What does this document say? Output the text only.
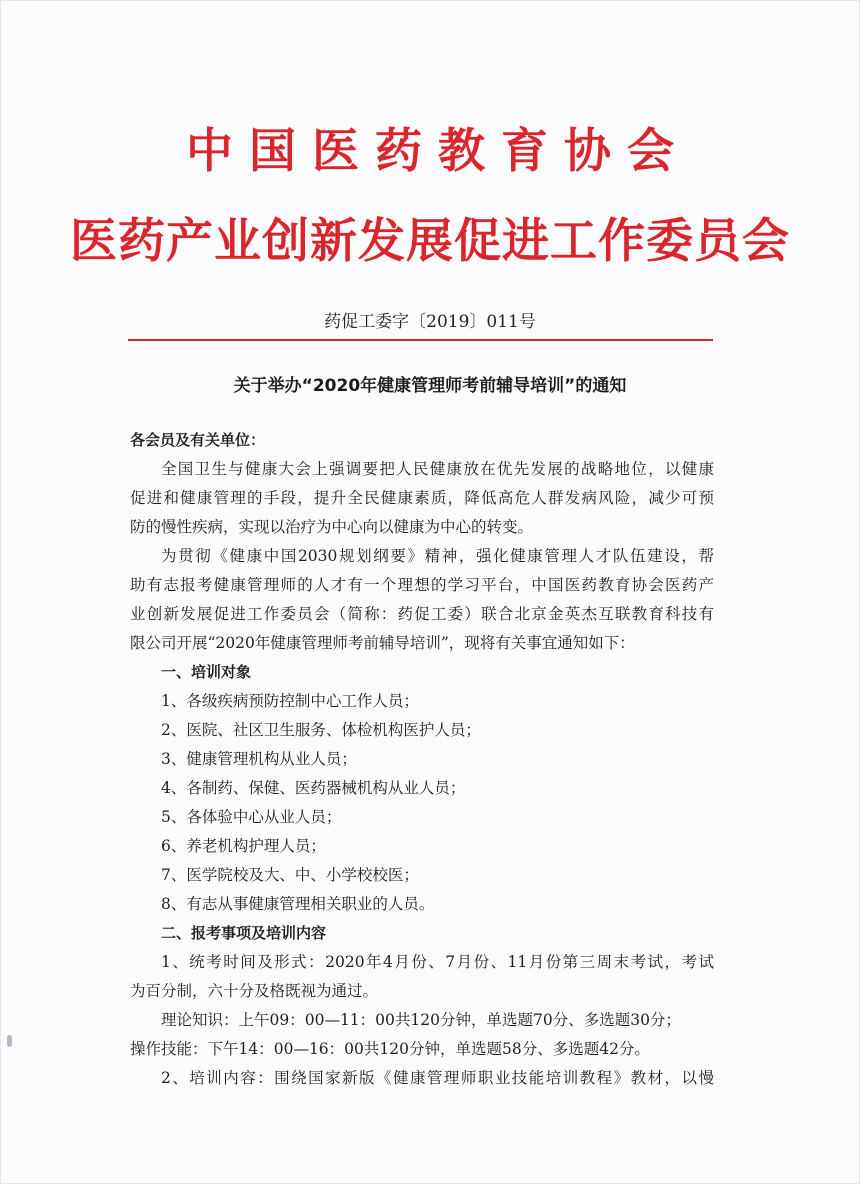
中国医药教育协会
医药产业创新发展促进工作委员会
药促工委字〔2019〕011号
关于举办“2020年健康管理师考前辅导培训”的通知
各会员及有关单位：
全国卫生与健康大会上强调要把人民健康放在优先发展的战略地位，以健康
促进和健康管理的手段，提升全民健康素质，降低高危人群发病风险，减少可预
防的慢性疾病，实现以治疗为中心向以健康为中心的转变。
为贯彻《健康中国2030规划纲要》精神，强化健康管理人才队伍建设，帮
助有志报考健康管理师的人才有一个理想的学习平台，中国医药教育协会医药产
业创新发展促进工作委员会（简称：药促工委）联合北京金英杰互联教育科技有
限公司开展“2020年健康管理师考前辅导培训”，现将有关事宜通知如下：
一、培训对象
1、各级疾病预防控制中心工作人员；
2、医院、社区卫生服务、体检机构医护人员；
3、健康管理机构从业人员；
4、各制药、保健、医药器械机构从业人员；
5、各体验中心从业人员；
6、养老机构护理人员；
7、医学院校及大、中、小学校校医；
8、有志从事健康管理相关职业的人员。
二、报考事项及培训内容
1、统考时间及形式：2020年4月份、7月份、11月份第三周末考试，考试
为百分制，六十分及格既视为通过。
理论知识：上午09：00—11：00共120分钟，单选题70分、多选题30分；
操作技能：下午14：00—16：00共120分钟，单选题58分、多选题42分。
2、培训内容：围绕国家新版《健康管理师职业技能培训教程》教材，以慢
